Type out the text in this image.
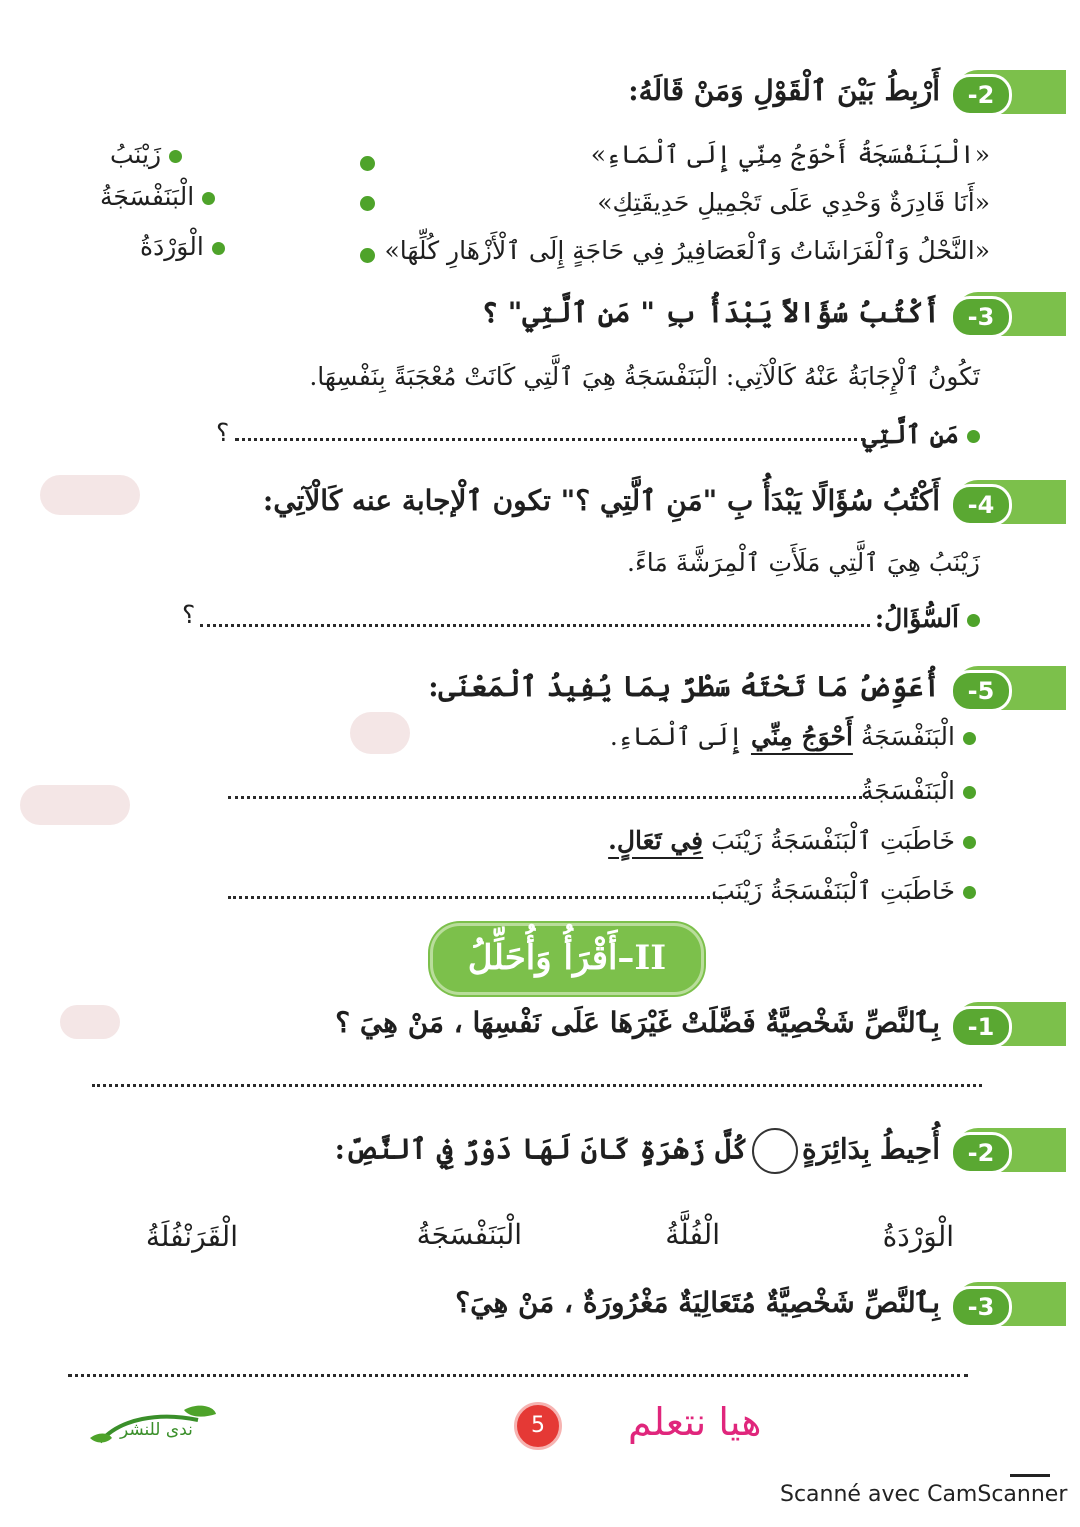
-2
أَرْبِطُ بَيْنَ ٱلْقَوْلِ وَمَنْ قَالَهُ:
«الْبَنَفْسَجَةُ أَحْوَجُ مِنِّي إِلَى ٱلْمَاءِ»
«أَنَا قَادِرَةٌ وَحْدِي عَلَى تَجْمِيلِ حَدِيقَتِكِ»
«النَّحْلُ وَٱلْفَرَاشَاتُ وَٱلْعَصَافِيرُ فِي حَاجَةٍ إِلَى ٱلْأَزْهَارِ كُلِّهَا»
زَيْنَبُ
الْبَنَفْسَجَةُ
الْوَرْدَةُ
-3
أَكْتُبُ سُؤَالاً يَبْدَأُ بِ " مَنِ ٱلَّتِي" ؟
تَكُونُ ٱلْإِجَابَةُ عَنْهُ كَالْآتِي: الْبَنَفْسَجَةُ هِيَ ٱلَّتِي كَانَتْ مُعْجَبَةً بِنَفْسِهَا.
مَنِ ٱلَّتِي
؟
-4
أَكْتُبُ سُؤَالًا يَبْدَأُ بِ "مَنِ ٱلَّتِي ؟" تكون ٱلْإجابة عنه كَالْآتِي:
زَيْنَبُ هِيَ ٱلَّتِي مَلَأَتِ ٱلْمِرَشَّةَ مَاءً.
اَلسُّؤَالُ:
؟
-5
أُعَوِّضُ مَا تَحْتَهُ سَطْرٌ بِمَا يُفِيدُ ٱلْمَعْنَى:
الْبَنَفْسَجَةُ أَحْوَجُ مِنِّي إِلَى ٱلْمَاءِ.
الْبَنَفْسَجَةُ
خَاطَبَتِ ٱلْبَنَفْسَجَةُ زَيْنَبَ فِي تَعَالٍ.
خَاطَبَتِ ٱلْبَنَفْسَجَةُ زَيْنَبَ
II–أَقْرَأُ وَأُحَلِّلُ
-1
بِٱلنَّصِّ شَخْصِيَّةٌ فَضَّلَتْ غَيْرَهَا عَلَى نَفْسِهَا ، مَنْ هِيَ ؟
-2
أُحِيطُ بِدَائِرَةٍكُلَّ زَهْرَةٍ كَانَ لَهَا دَوْرٌ فِي ٱلنَّصِّ:
الْوَرْدَةُ
الْفُلَّةُ
الْبَنَفْسَجَةُ
الْقَرَنْفُلَةُ
-3
بِٱلنَّصِّ شَخْصِيَّةٌ مُتَعَالِيَةٌ مَغْرُورَةٌ ، مَنْ هِيَ؟
ندى للنشر	5	هيا نتعلم
Scanné avec CamScanner
